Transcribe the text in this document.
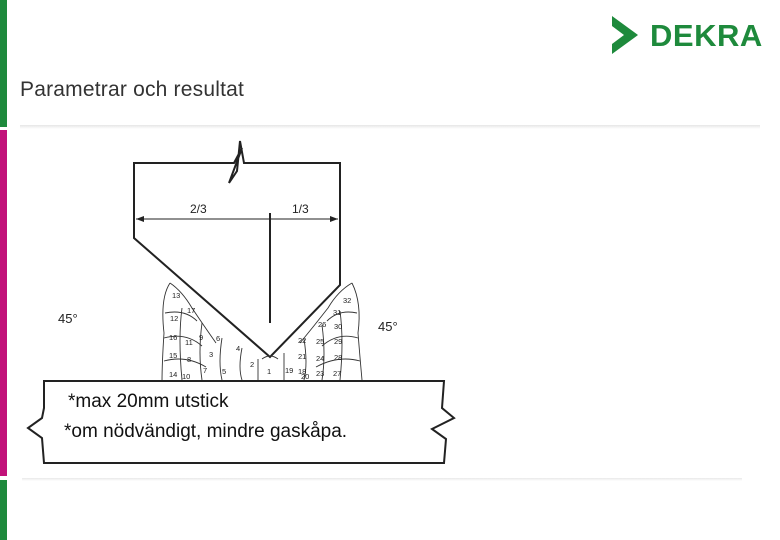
Parametrar och resultat
DEKRA
2/3	1/3
13
17
12
16
15
14 10
11
9 6
8
3
7 5
4
2
32
31
30
26
29
22 25
28
21 24
27
18 23
19
20
1
45°
45°
*max 20mm utstick
*om nödvändigt, mindre gaskåpa.
